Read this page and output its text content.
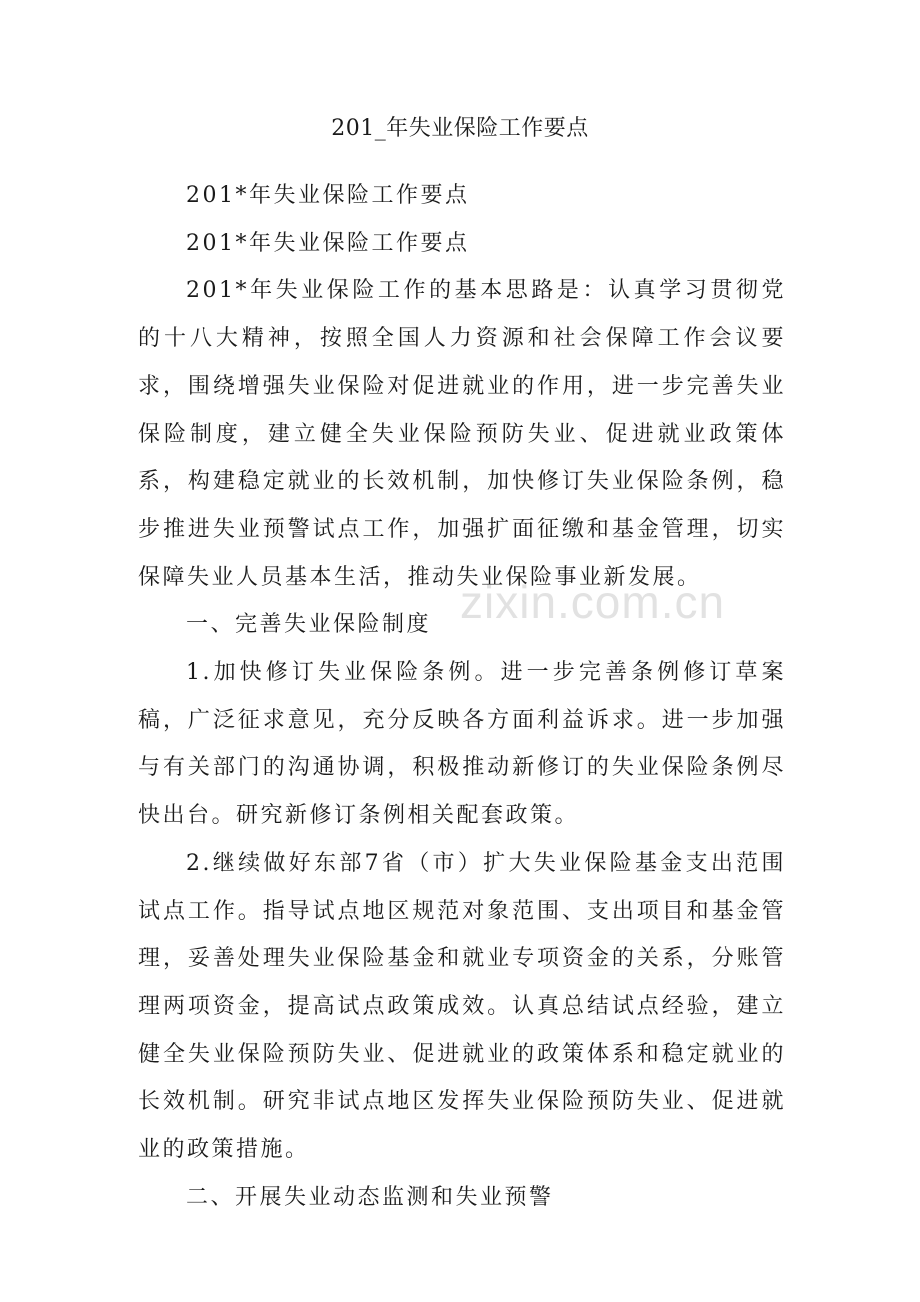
201_年失业保险工作要点

201*年失业保险工作要点

201*年失业保险工作要点

201*年失业保险工作的基本思路是：认真学习贯彻党的十八大精神，按照全国人力资源和社会保障工作会议要求，围绕增强失业保险对促进就业的作用，进一步完善失业保险制度，建立健全失业保险预防失业、促进就业政策体系，构建稳定就业的长效机制，加快修订失业保险条例，稳步推进失业预警试点工作，加强扩面征缴和基金管理，切实保障失业人员基本生活，推动失业保险事业新发展。

一、完善失业保险制度

1.加快修订失业保险条例。进一步完善条例修订草案稿，广泛征求意见，充分反映各方面利益诉求。进一步加强与有关部门的沟通协调，积极推动新修订的失业保险条例尽快出台。研究新修订条例相关配套政策。

2.继续做好东部7省（市）扩大失业保险基金支出范围试点工作。指导试点地区规范对象范围、支出项目和基金管理，妥善处理失业保险基金和就业专项资金的关系，分账管理两项资金，提高试点政策成效。认真总结试点经验，建立健全失业保险预防失业、促进就业的政策体系和稳定就业的长效机制。研究非试点地区发挥失业保险预防失业、促进就业的政策措施。

二、开展失业动态监测和失业预警

zixin.com.cn
